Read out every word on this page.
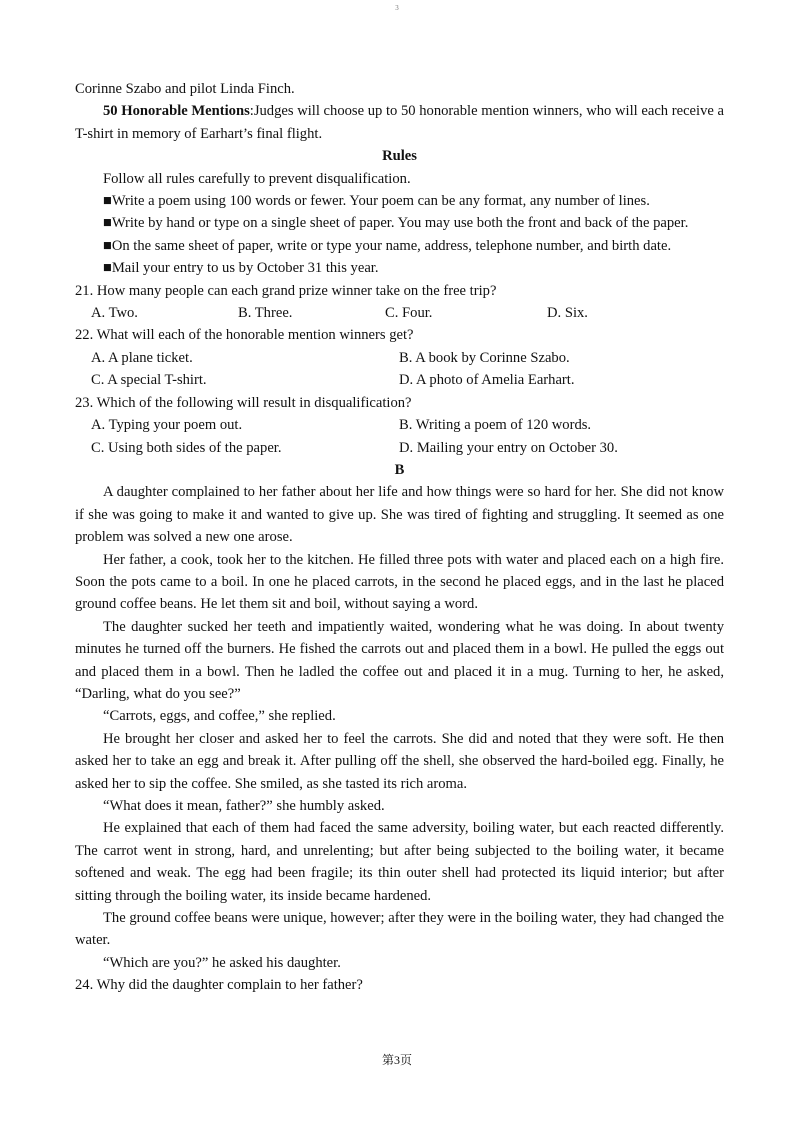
3

Corinne Szabo and pilot Linda Finch.

50 Honorable Mentions:Judges will choose up to 50 honorable mention winners, who will each receive a T-shirt in memory of Earhart’s final flight.

Rules

Follow all rules carefully to prevent disqualification.

■Write a poem using 100 words or fewer. Your poem can be any format, any number of lines.

■Write by hand or type on a single sheet of paper. You may use both the front and back of the paper.

■On the same sheet of paper, write or type your name, address, telephone number, and birth date.

■Mail your entry to us by October 31 this year.

21. How many people can each grand prize winner take on the free trip?

A. Two.	B. Three.	C. Four.	D. Six.

22. What will each of the honorable mention winners get?

A. A plane ticket.	B. A book by Corinne Szabo.
C. A special T-shirt.	D. A photo of Amelia Earhart.

23. Which of the following will result in disqualification?

A. Typing your poem out.	B. Writing a poem of 120 words.
C. Using both sides of the paper.	D. Mailing your entry on October 30.

B

A daughter complained to her father about her life and how things were so hard for her. She did not know if she was going to make it and wanted to give up. She was tired of fighting and struggling. It seemed as one problem was solved a new one arose.

Her father, a cook, took her to the kitchen. He filled three pots with water and placed each on a high fire. Soon the pots came to a boil. In one he placed carrots, in the second he placed eggs, and in the last he placed ground coffee beans. He let them sit and boil, without saying a word.

The daughter sucked her teeth and impatiently waited, wondering what he was doing. In about twenty minutes he turned off the burners. He fished the carrots out and placed them in a bowl. He pulled the eggs out and placed them in a bowl. Then he ladled the coffee out and placed it in a mug. Turning to her, he asked, “Darling, what do you see?”

“Carrots, eggs, and coffee,” she replied.

He brought her closer and asked her to feel the carrots. She did and noted that they were soft. He then asked her to take an egg and break it. After pulling off the shell, she observed the hard-boiled egg. Finally, he asked her to sip the coffee. She smiled, as she tasted its rich aroma.

“What does it mean, father?” she humbly asked.

He explained that each of them had faced the same adversity, boiling water, but each reacted differently. The carrot went in strong, hard, and unrelenting; but after being subjected to the boiling water, it became softened and weak. The egg had been fragile; its thin outer shell had protected its liquid interior; but after sitting through the boiling water, its inside became hardened.

The ground coffee beans were unique, however; after they were in the boiling water, they had changed the water.

“Which are you?” he asked his daughter.

24. Why did the daughter complain to her father?

第3页
